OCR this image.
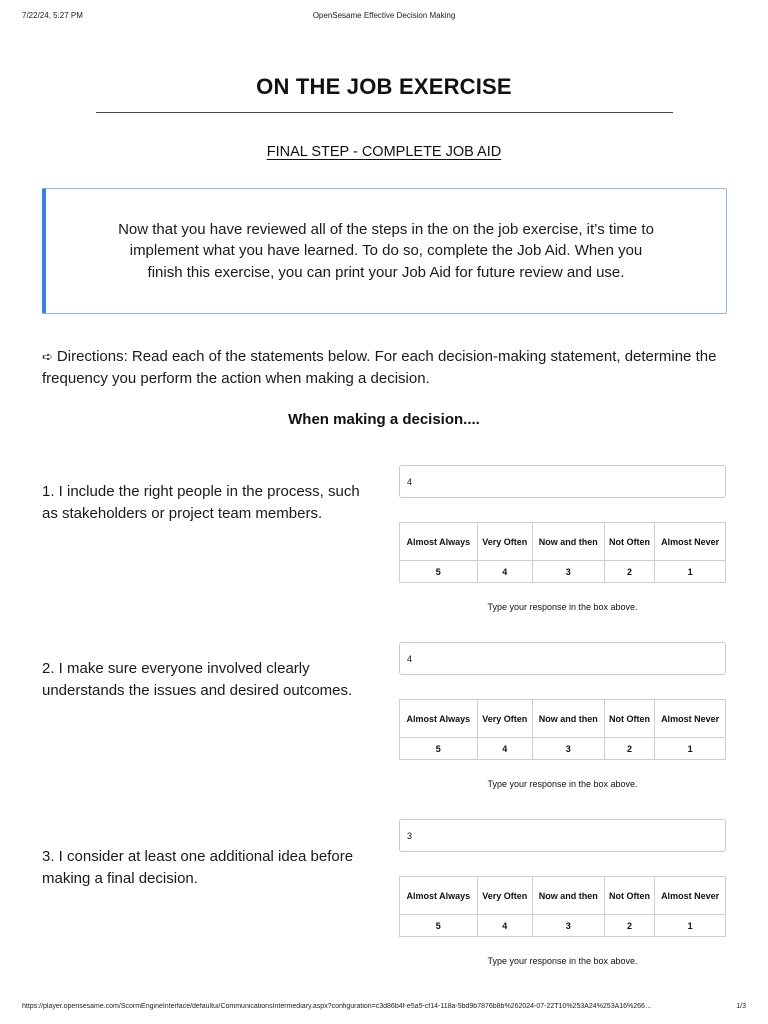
7/22/24, 5:27 PM	OpenSesame Effective Decision Making
ON THE JOB EXERCISE
FINAL STEP - COMPLETE JOB AID

Now that you have reviewed all of the steps in the on the job exercise, it’s time to implement what you have learned. To do so, complete the Job Aid. When you finish this exercise, you can print your Job Aid for future review and use.

➪ Directions: Read each of the statements below. For each decision-making statement, determine the frequency you perform the action when making a decision.
When making a decision....
1. I include the right people in the process, such as stakeholders or project team members.
4
Almost Always	Very Often	Now and then	Not Often	Almost Never
5	4	3	2	1
Type your response in the box above.
2. I make sure everyone involved clearly understands the issues and desired outcomes.
4
Almost Always	Very Often	Now and then	Not Often	Almost Never
5	4	3	2	1
Type your response in the box above.
3. I consider at least one additional idea before making a final decision.
3
Almost Always	Very Often	Now and then	Not Often	Almost Never
5	4	3	2	1
Type your response in the box above.
https://player.opensesame.com/ScormEngineInterface/defaultui/CommunicationsIntermediary.aspx?configuration=c3d86b4f-e5a5-cf14-118a-5bd9b7876b8b%262024-07-22T10%253A24%253A16%266…	1/3
